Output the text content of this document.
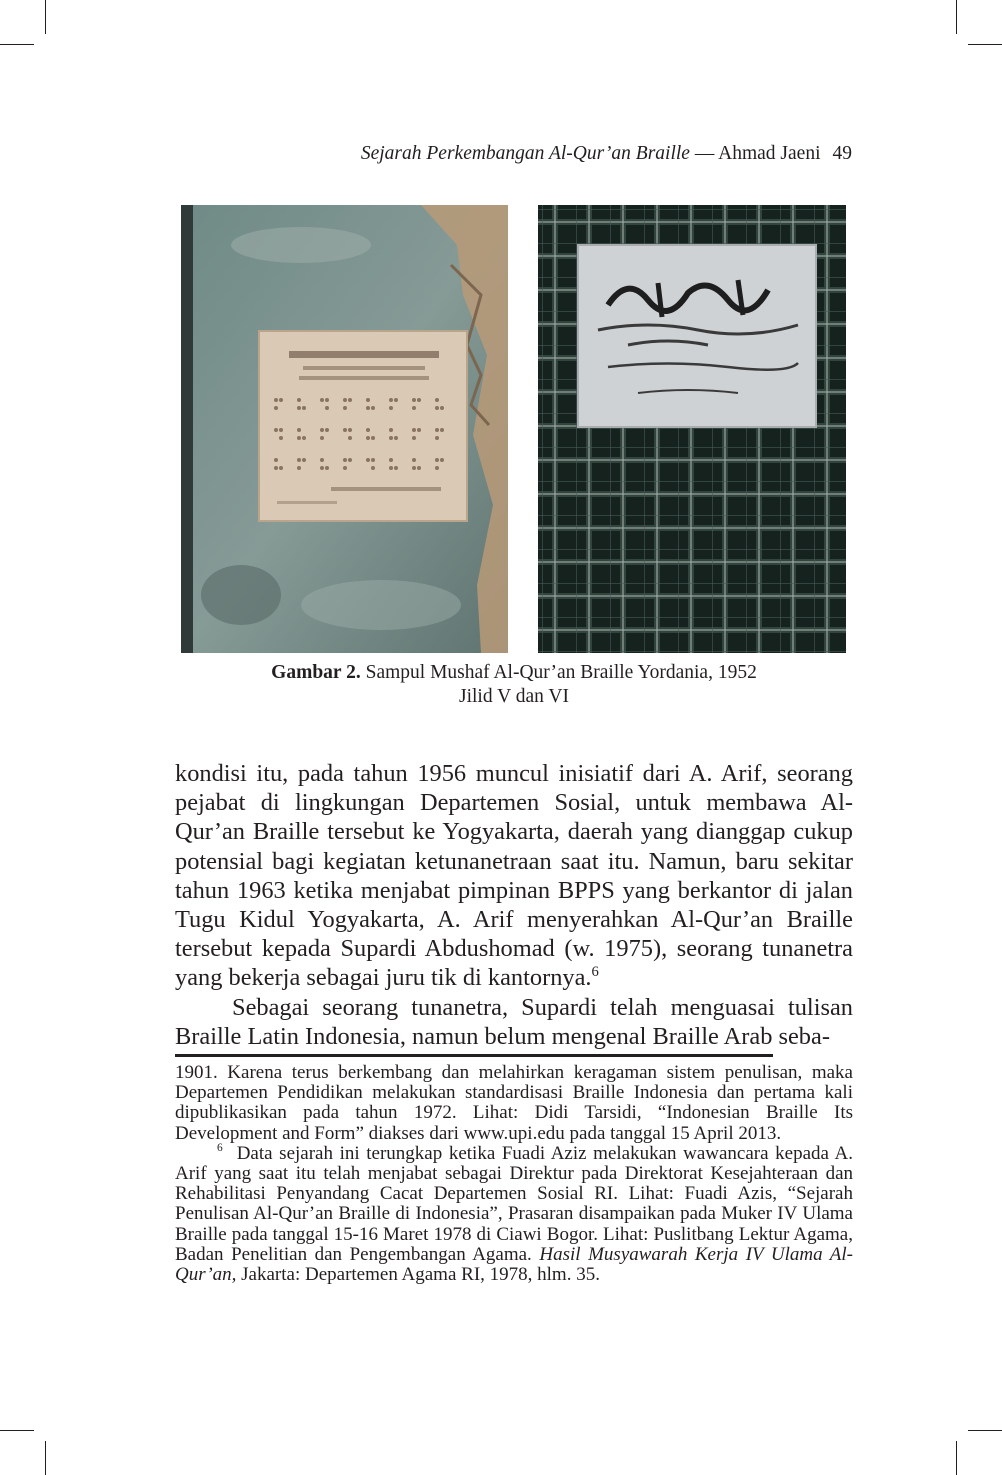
Sejarah Perkembangan Al-Qur’an Braille — Ahmad Jaeni 49
Gambar 2. Sampul Mushaf Al-Qur’an Braille Yordania, 1952
Jilid V dan VI

kondisi itu, pada tahun 1956 muncul inisiatif dari A. Arif, seorang pejabat di lingkungan Departemen Sosial, untuk membawa Al-Qur’an Braille tersebut ke Yogyakarta, daerah yang dianggap cukup potensial bagi kegiatan ketunanetraan saat itu. Namun, baru sekitar tahun 1963 ketika menjabat pimpinan BPPS yang berkantor di jalan Tugu Kidul Yogyakarta, A. Arif menyerahkan Al-Qur’an Braille tersebut kepada Supardi Abdushomad (w. 1975), seorang tunanetra yang bekerja sebagai juru tik di kantornya.$^6$

Sebagai seorang tunanetra, Supardi telah menguasai tulisan Braille Latin Indonesia, namun belum mengenal Braille Arab seba-

1901. Karena terus berkembang dan melahirkan keragaman sistem penulisan, maka Departemen Pendidikan melakukan standardisasi Braille Indonesia dan pertama kali dipublikasikan pada tahun 1972. Lihat: Didi Tarsidi, “Indonesian Braille Its Development and Form” diakses dari www.upi.edu pada tanggal 15 April 2013.

$^6$ Data sejarah ini terungkap ketika Fuadi Aziz melakukan wawancara kepada A. Arif yang saat itu telah menjabat sebagai Direktur pada Direktorat Kesejahteraan dan Rehabilitasi Penyandang Cacat Departemen Sosial RI. Lihat: Fuadi Azis, “Sejarah Penulisan Al-Qur’an Braille di Indonesia”, Prasaran disampaikan pada Muker IV Ulama Braille pada tanggal 15-16 Maret 1978 di Ciawi Bogor. Lihat: Puslitbang Lektur Agama, Badan Penelitian dan Pengembangan Agama. Hasil Musyawarah Kerja IV Ulama Al-Qur’an, Jakarta: Departemen Agama RI, 1978, hlm. 35.
